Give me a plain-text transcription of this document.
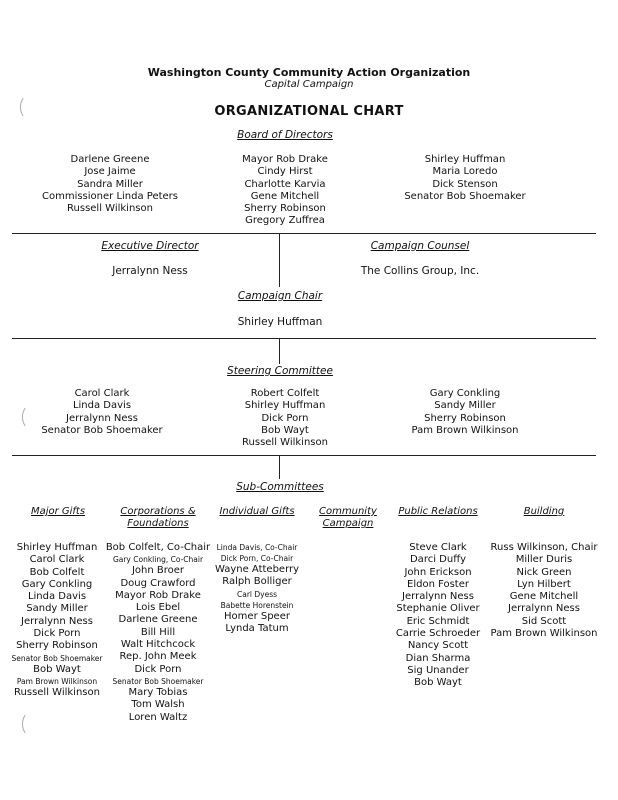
Washington County Community Action Organization
Capital Campaign
ORGANIZATIONAL CHART
Board of Directors
Darlene Greene
Jose Jaime
Sandra Miller
Commissioner Linda Peters
Russell Wilkinson
Mayor Rob Drake
Cindy Hirst
Charlotte Karvia
Gene Mitchell
Sherry Robinson
Gregory Zuffrea
Shirley Huffman
Maria Loredo
Dick Stenson
Senator Bob Shoemaker
Executive Director
Jerralynn Ness
Campaign Counsel
The Collins Group, Inc.
Campaign Chair
Shirley Huffman
Steering Committee
Carol Clark
Linda Davis
Jerralynn Ness
Senator Bob Shoemaker
Robert Colfelt
Shirley Huffman
Dick Porn
Bob Wayt
Russell Wilkinson
Gary Conkling
Sandy Miller
Sherry Robinson
Pam Brown Wilkinson
Sub-Committees
Major Gifts
Shirley Huffman
Carol Clark
Bob Colfelt
Gary Conkling
Linda Davis
Sandy Miller
Jerralynn Ness
Dick Porn
Sherry Robinson
Senator Bob Shoemaker
Bob Wayt
Pam Brown Wilkinson
Russell Wilkinson
Corporations &
Foundations
Bob Colfelt, Co-Chair
Gary Conkling, Co-Chair
John Broer
Doug Crawford
Mayor Rob Drake
Lois Ebel
Darlene Greene
Bill Hill
Walt Hitchcock
Rep. John Meek
Dick Porn
Senator Bob Shoemaker
Mary Tobias
Tom Walsh
Loren Waltz
Individual Gifts
Linda Davis, Co-Chair
Dick Porn, Co-Chair
Wayne Atteberry
Ralph Bolliger
Carl Dyess
Babette Horenstein
Homer Speer
Lynda Tatum
Community
Campaign
Public Relations
Steve Clark
Darci Duffy
John Erickson
Eldon Foster
Jerralynn Ness
Stephanie Oliver
Eric Schmidt
Carrie Schroeder
Nancy Scott
Dian Sharma
Sig Unander
Bob Wayt
Building
Russ Wilkinson, Chair
Miller Duris
Nick Green
Lyn Hilbert
Gene Mitchell
Jerralynn Ness
Sid Scott
Pam Brown Wilkinson
